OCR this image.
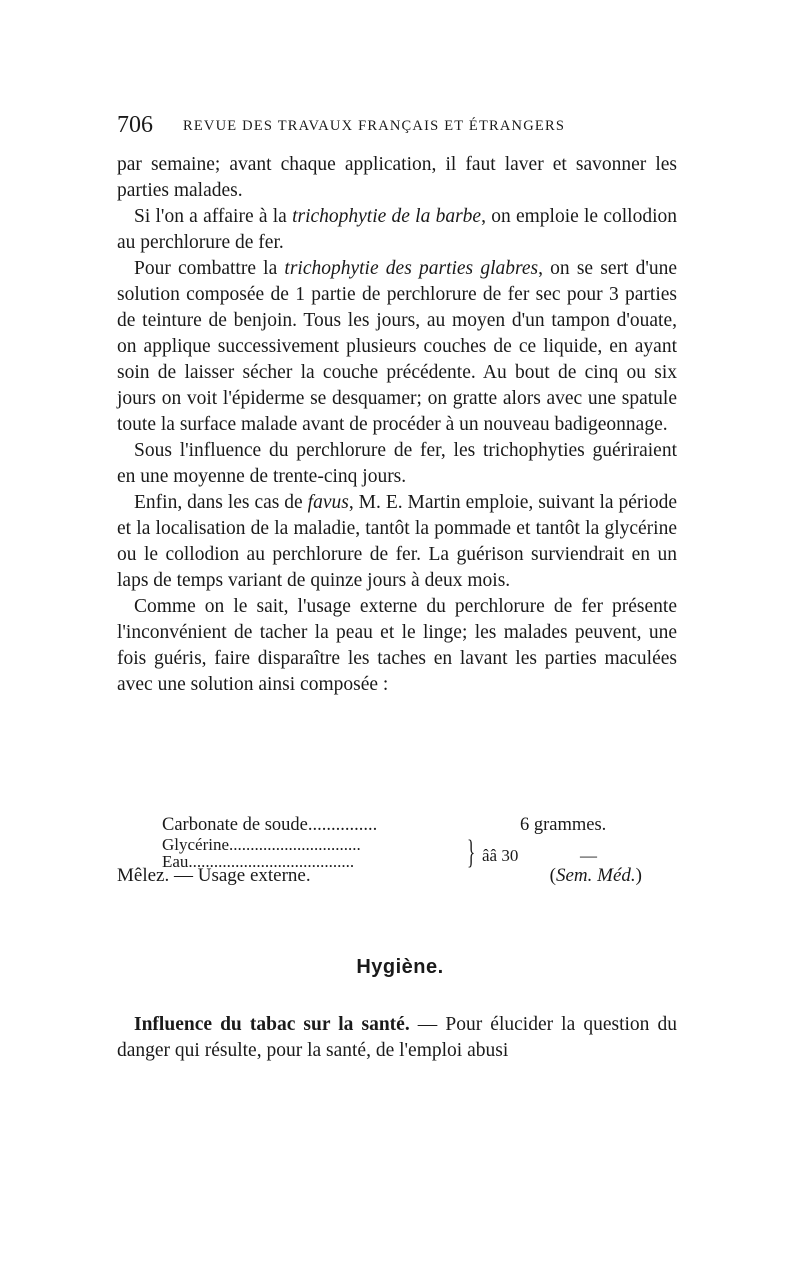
706 REVUE DES TRAVAUX FRANÇAIS ET ÉTRANGERS

par semaine; avant chaque application, il faut laver et savonner les parties malades.

Si l'on a affaire à la trichophytie de la barbe, on emploie le collodion au perchlorure de fer.

Pour combattre la trichophytie des parties glabres, on se sert d'une solution composée de 1 partie de perchlorure de fer sec pour 3 parties de teinture de benjoin. Tous les jours, au moyen d'un tampon d'ouate, on applique successivement plusieurs couches de ce liquide, en ayant soin de laisser sécher la couche précédente. Au bout de cinq ou six jours on voit l'épiderme se desquamer; on gratte alors avec une spatule toute la surface malade avant de procéder à un nouveau badigeonnage.

Sous l'influence du perchlorure de fer, les trichophyties guériraient en une moyenne de trente-cinq jours.

Enfin, dans les cas de favus, M. E. Martin emploie, suivant la période et la localisation de la maladie, tantôt la pommade et tantôt la glycérine ou le collodion au perchlorure de fer. La guérison surviendrait en un laps de temps variant de quinze jours à deux mois.

Comme on le sait, l'usage externe du perchlorure de fer présente l'inconvénient de tacher la peau et le linge; les malades peuvent, une fois guéris, faire disparaître les taches en lavant les parties maculées avec une solution ainsi composée :

Carbonate de soude...............	6 grammes.
Glycérine...............................
Eau.......................................	} ââ 30	—
Mêlez. — Usage externe.	(Sem. Méd.)
Hygiène.

Influence du tabac sur la santé. — Pour élucider la question du danger qui résulte, pour la santé, de l'emploi abusi
